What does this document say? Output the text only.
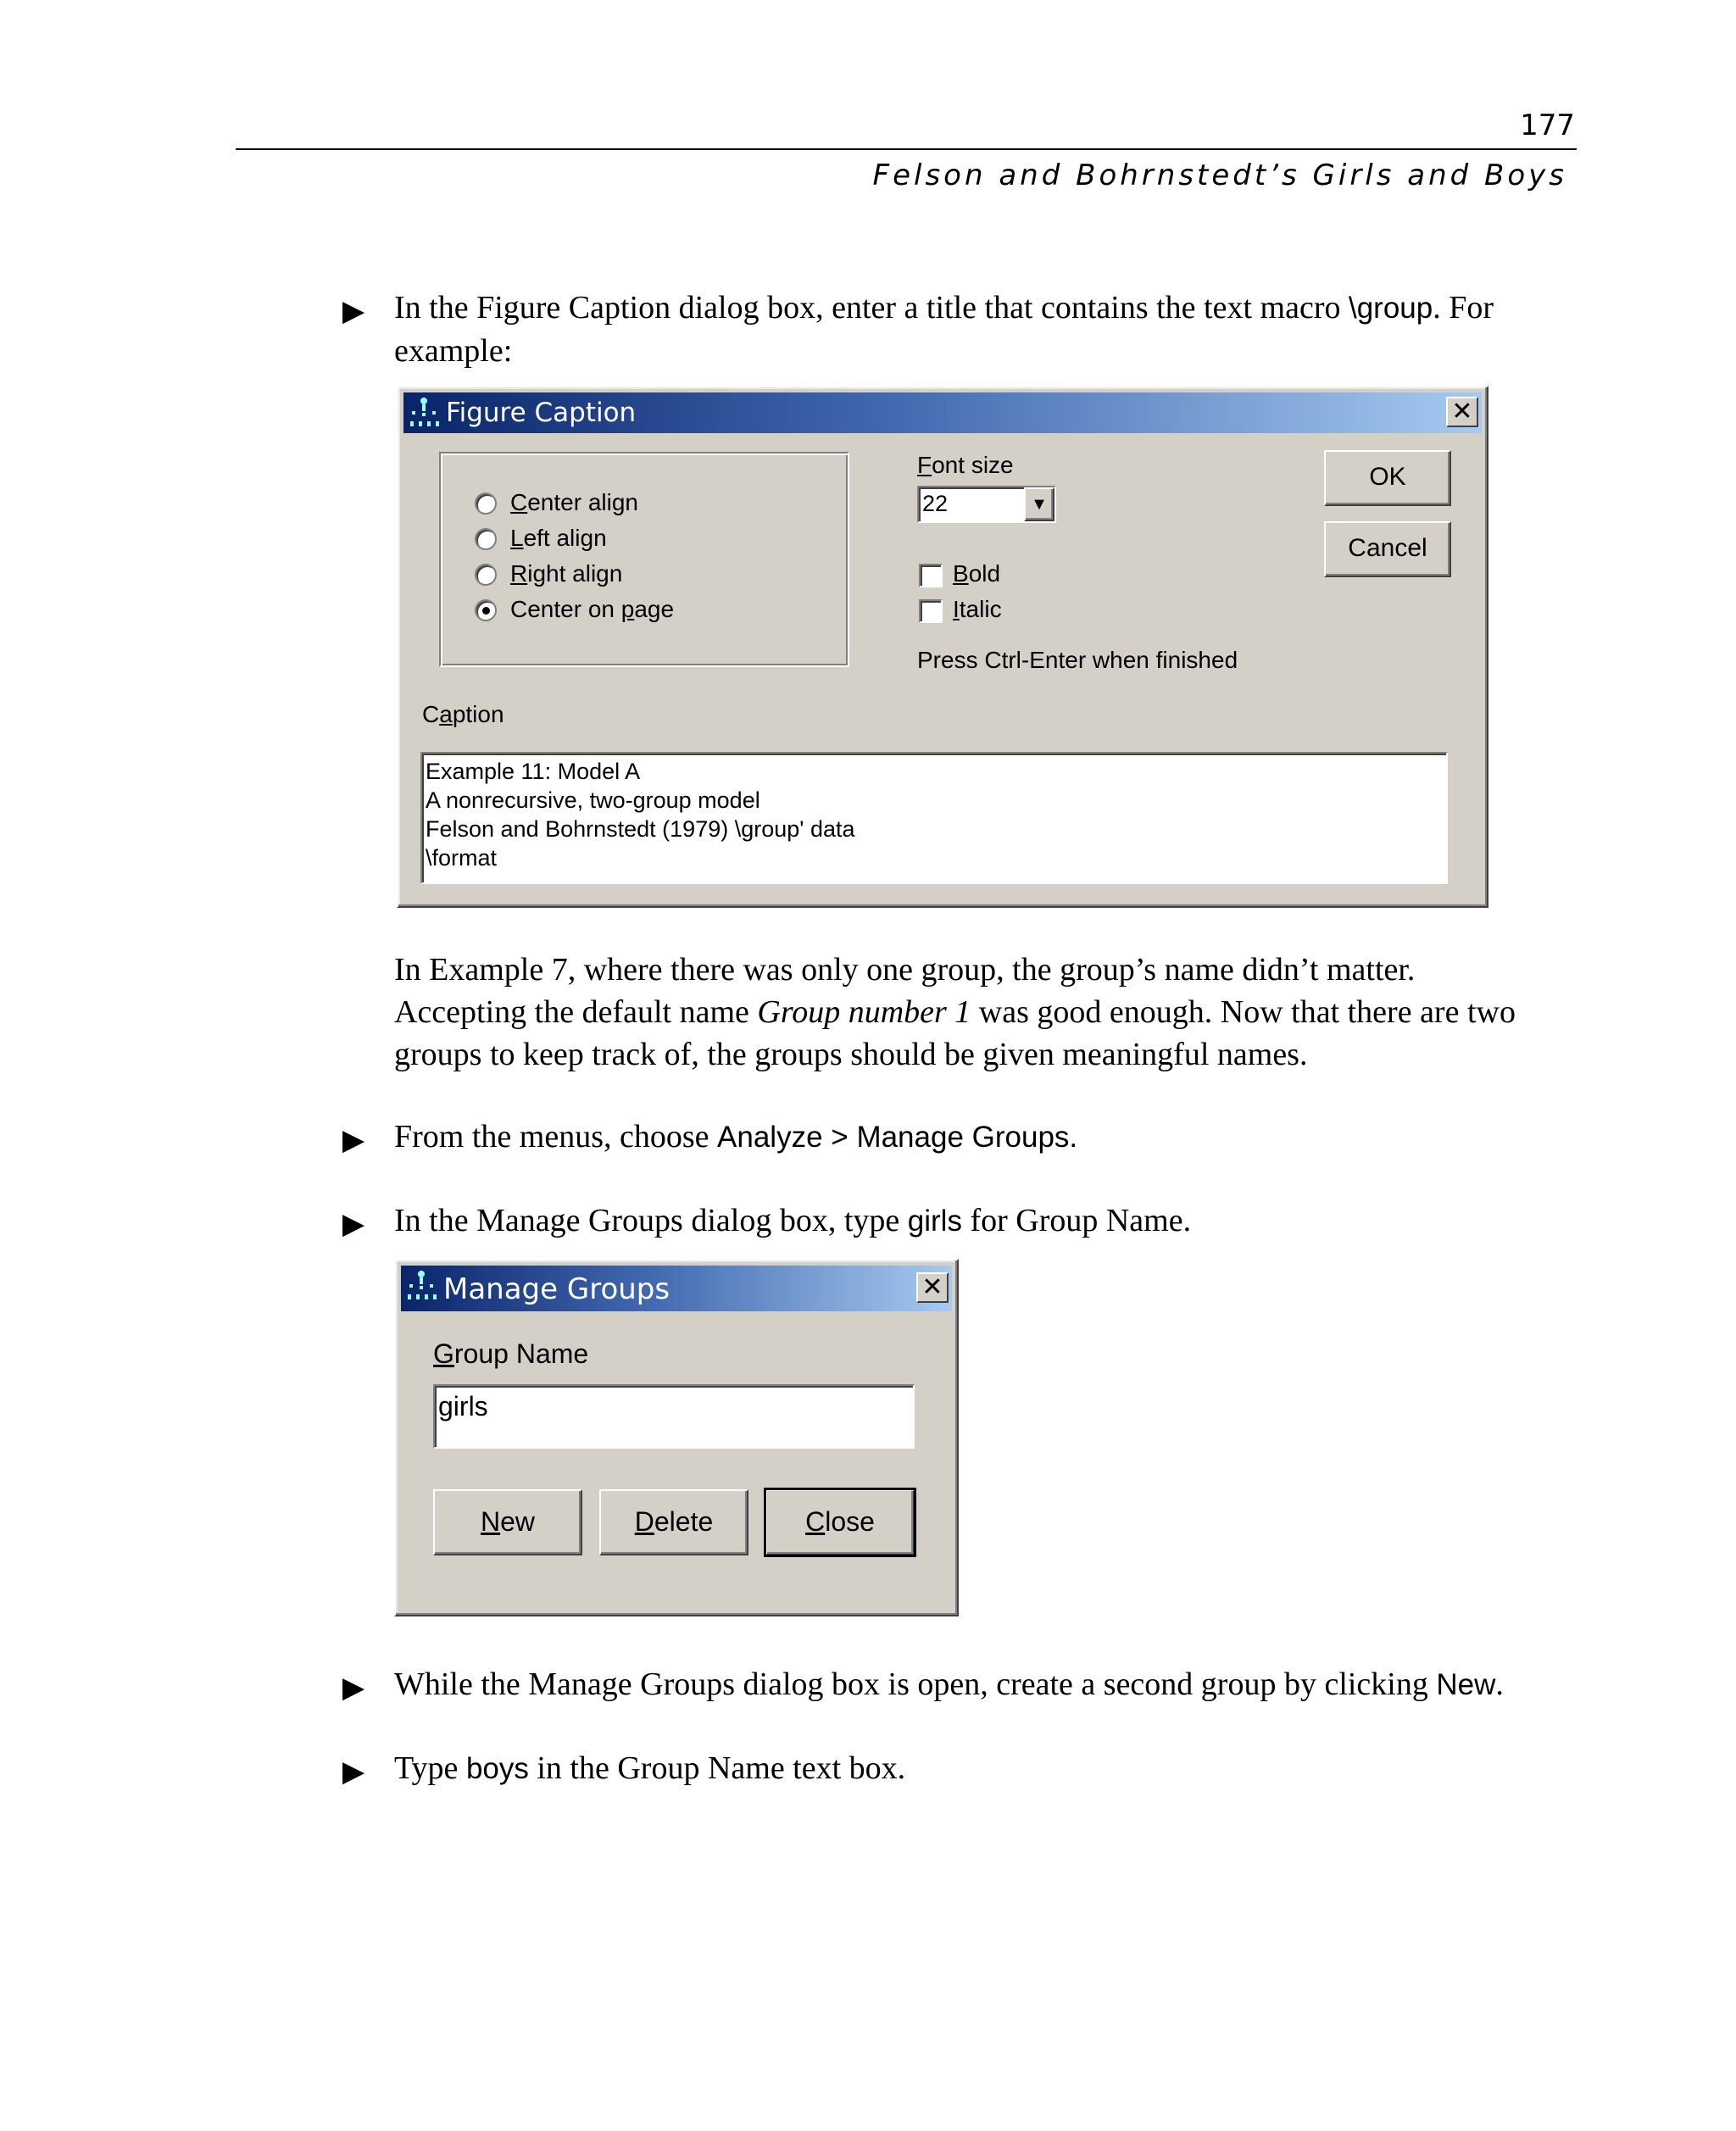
177
Felson and Bohrnstedt’s Girls and Boys
▶ In the Figure Caption dialog box, enter a title that contains the text macro \group. For example:
Figure Caption	✕
Center align
Left align
Right align
Center on page
Font size
22	▼
Bold
Italic
Press Ctrl-Enter when finished
OK
Cancel
Caption
Example 11: Model A
A nonrecursive, two-group model
Felson and Bohrnstedt (1979) \group' data
\format
In Example 7, where there was only one group, the group’s name didn’t matter.
Accepting the default name Group number 1 was good enough. Now that there are two
groups to keep track of, the groups should be given meaningful names.
▶ From the menus, choose Analyze > Manage Groups.
▶ In the Manage Groups dialog box, type girls for Group Name.
Manage Groups	✕
Group Name
girls
New	Delete	Close
▶ While the Manage Groups dialog box is open, create a second group by clicking New.
▶ Type boys in the Group Name text box.
